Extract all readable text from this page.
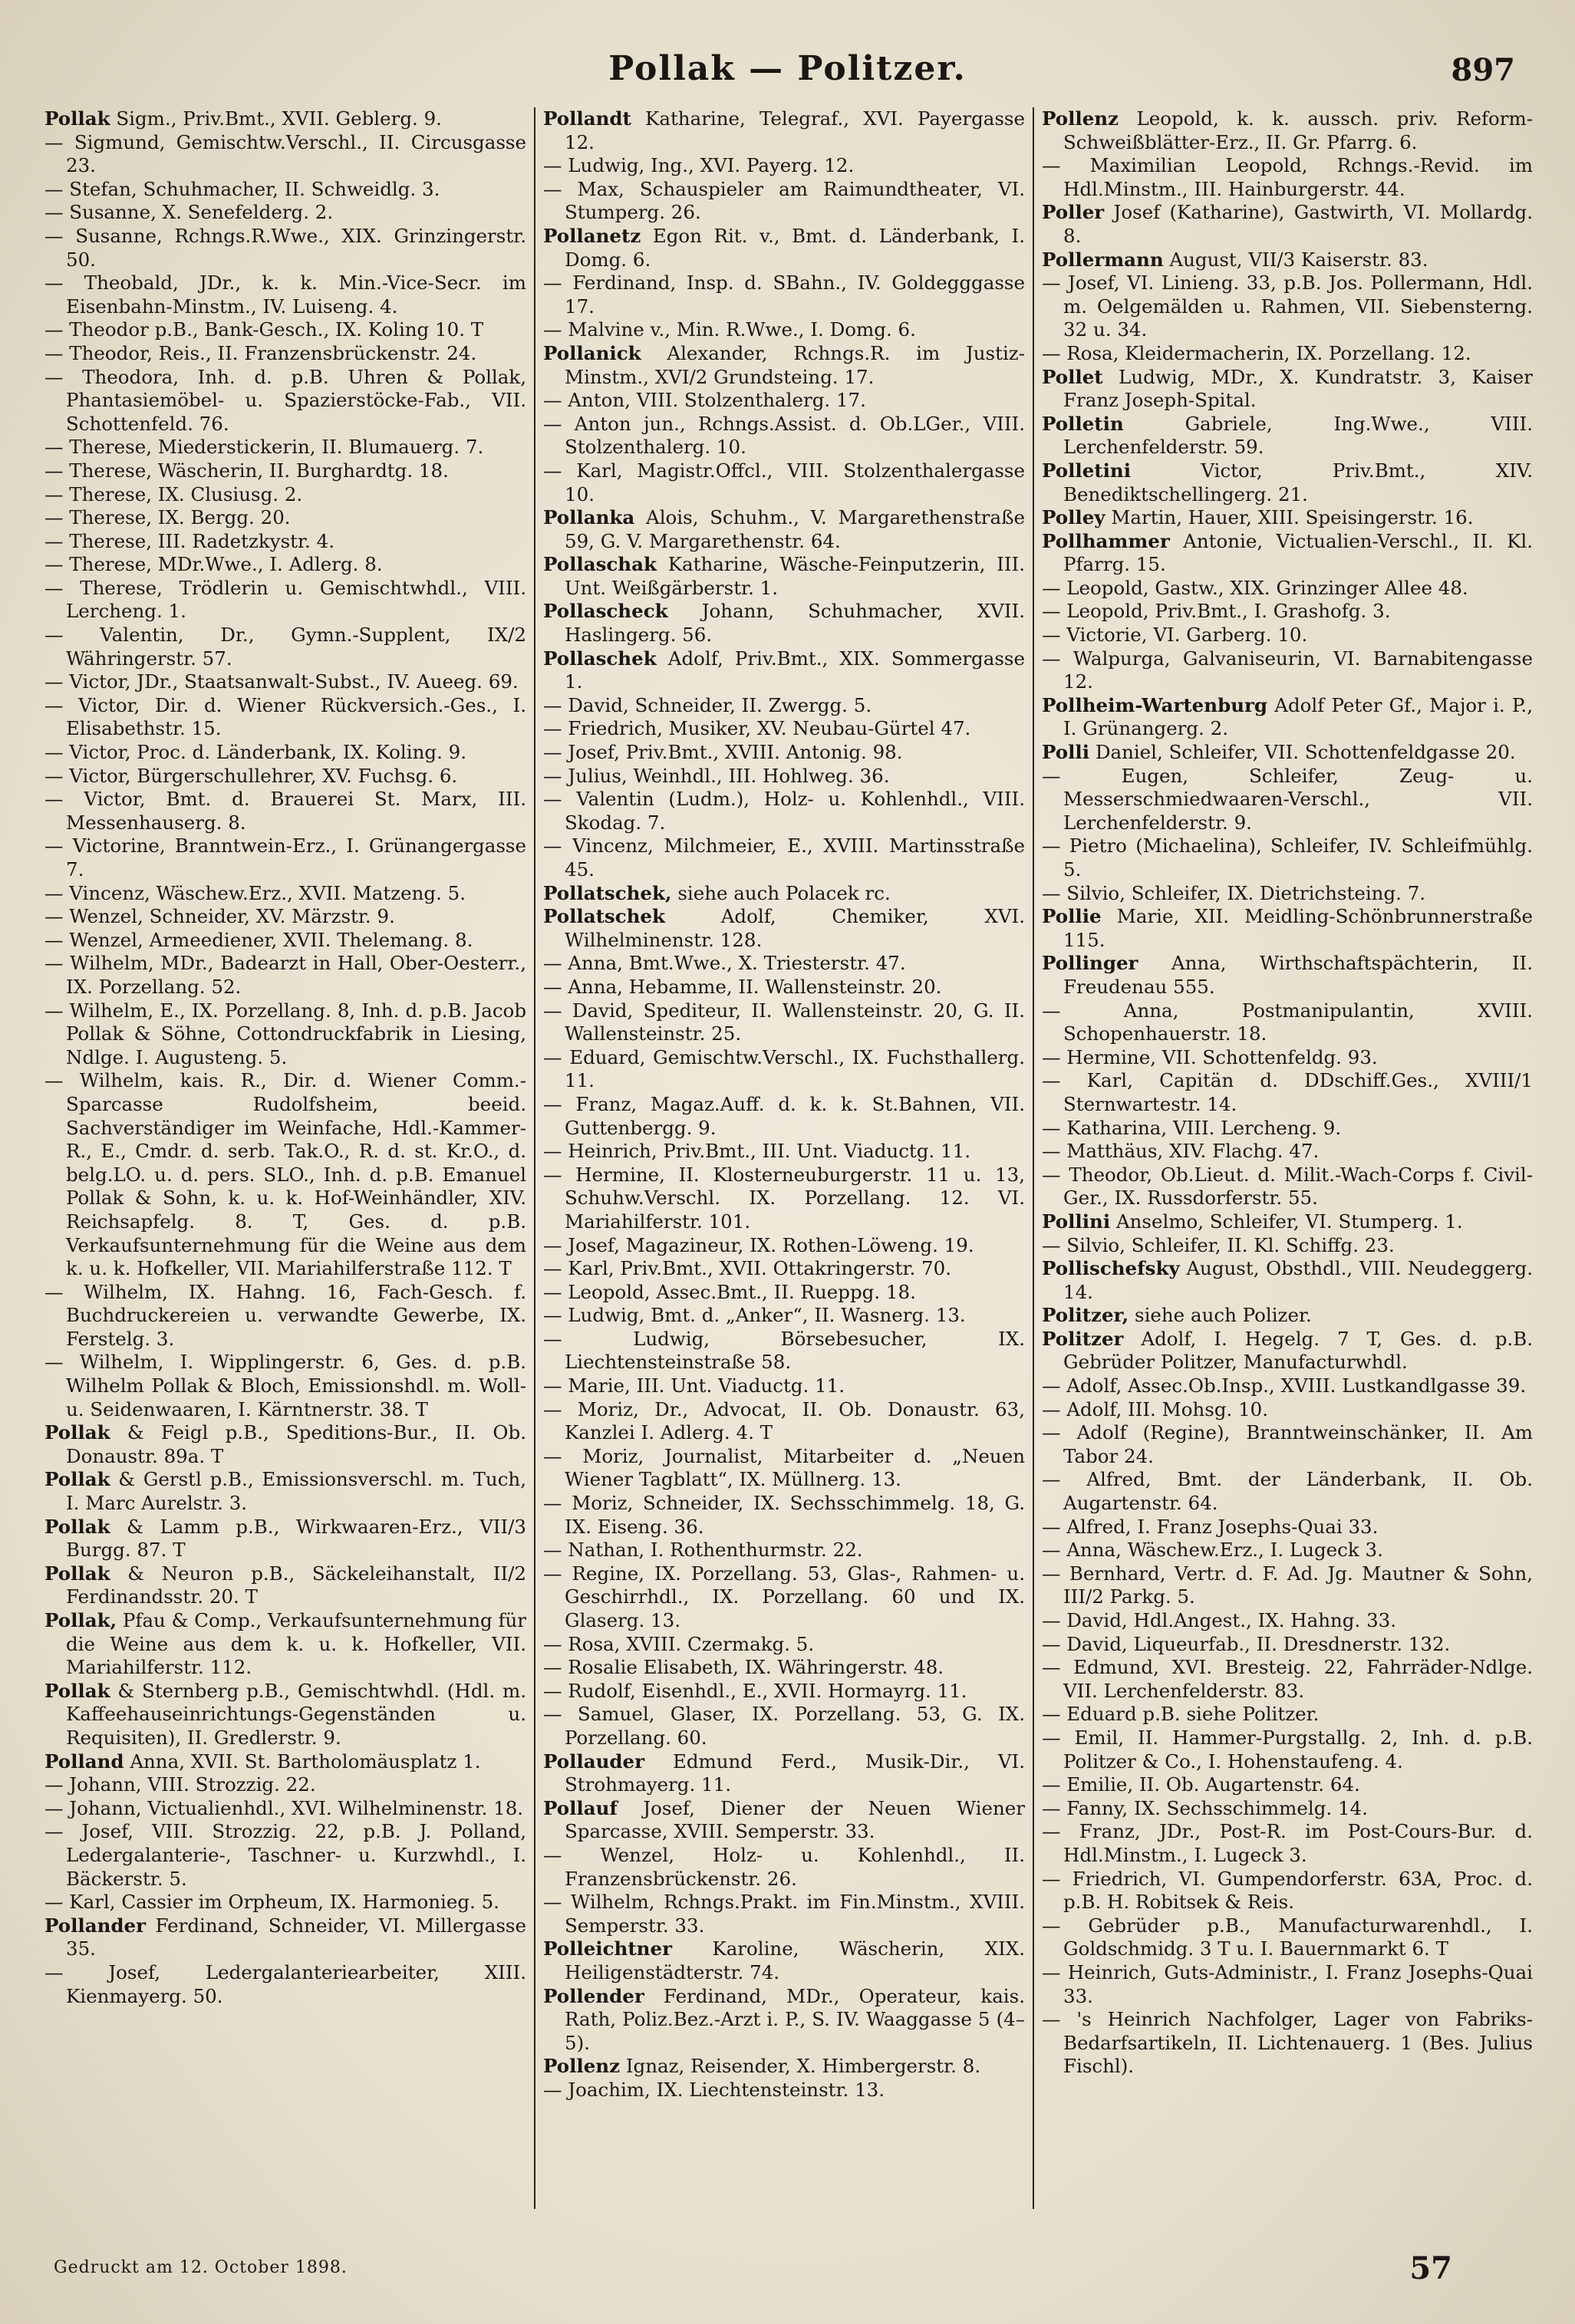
Pollak — Politzer.	897
Pollak Sigm., Priv.Bmt., XVII. Geblerg. 9.
— Sigmund, Gemischtw.Verschl., II. Circusgasse 23.
— Stefan, Schuhmacher, II. Schweidlg. 3.
— Susanne, X. Senefelderg. 2.
— Susanne, Rchngs.R.Wwe., XIX. Grinzingerstr. 50.
— Theobald, JDr., k. k. Min.-Vice-Secr. im Eisenbahn-Minstm., IV. Luiseng. 4.
— Theodor p.B., Bank-Gesch., IX. Koling 10. T
— Theodor, Reis., II. Franzensbrückenstr. 24.
— Theodora, Inh. d. p.B. Uhren & Pollak, Phantasiemöbel- u. Spazierstöcke-Fab., VII. Schottenfeld. 76.
— Therese, Miederstickerin, II. Blumauerg. 7.
— Therese, Wäscherin, II. Burghardtg. 18.
— Therese, IX. Clusiusg. 2.
— Therese, IX. Bergg. 20.
— Therese, III. Radetzkystr. 4.
— Therese, MDr.Wwe., I. Adlerg. 8.
— Therese, Trödlerin u. Gemischtwhdl., VIII. Lercheng. 1.
— Valentin, Dr., Gymn.-Supplent, IX/2 Währingerstr. 57.
— Victor, JDr., Staatsanwalt-Subst., IV. Aueeg. 69.
— Victor, Dir. d. Wiener Rückversich.-Ges., I. Elisabethstr. 15.
— Victor, Proc. d. Länderbank, IX. Koling. 9.
— Victor, Bürgerschullehrer, XV. Fuchsg. 6.
— Victor, Bmt. d. Brauerei St. Marx, III. Messenhauserg. 8.
— Victorine, Branntwein-Erz., I. Grünangergasse 7.
— Vincenz, Wäschew.Erz., XVII. Matzeng. 5.
— Wenzel, Schneider, XV. Märzstr. 9.
— Wenzel, Armeediener, XVII. Thelemang. 8.
— Wilhelm, MDr., Badearzt in Hall, Ober-Oesterr., IX. Porzellang. 52.
— Wilhelm, E., IX. Porzellang. 8, Inh. d. p.B. Jacob Pollak & Söhne, Cottondruckfabrik in Liesing, Ndlge. I. Augusteng. 5.
— Wilhelm, kais. R., Dir. d. Wiener Comm.-Sparcasse Rudolfsheim, beeid. Sachverständiger im Weinfache, Hdl.-Kammer-R., E., Cmdr. d. serb. Tak.O., R. d. st. Kr.O., d. belg.LO. u. d. pers. SLO., Inh. d. p.B. Emanuel Pollak & Sohn, k. u. k. Hof-Weinhändler, XIV. Reichsapfelg. 8. T, Ges. d. p.B. Verkaufsunternehmung für die Weine aus dem k. u. k. Hofkeller, VII. Mariahilferstraße 112. T
— Wilhelm, IX. Hahng. 16, Fach-Gesch. f. Buchdruckereien u. verwandte Gewerbe, IX. Ferstelg. 3.
— Wilhelm, I. Wipplingerstr. 6, Ges. d. p.B. Wilhelm Pollak & Bloch, Emissionshdl. m. Woll- u. Seidenwaaren, I. Kärntnerstr. 38. T
Pollak & Feigl p.B., Speditions-Bur., II. Ob. Donaustr. 89a. T
Pollak & Gerstl p.B., Emissionsverschl. m. Tuch, I. Marc Aurelstr. 3.
Pollak & Lamm p.B., Wirkwaaren-Erz., VII/3 Burgg. 87. T
Pollak & Neuron p.B., Säckeleihanstalt, II/2 Ferdinandsstr. 20. T
Pollak, Pfau & Comp., Verkaufsunternehmung für die Weine aus dem k. u. k. Hofkeller, VII. Mariahilferstr. 112.
Pollak & Sternberg p.B., Gemischtwhdl. (Hdl. m. Kaffeehauseinrichtungs-Gegenständen u. Requisiten), II. Gredlerstr. 9.
Polland Anna, XVII. St. Bartholomäusplatz 1.
— Johann, VIII. Strozzig. 22.
— Johann, Victualienhdl., XVI. Wilhelminenstr. 18.
— Josef, VIII. Strozzig. 22, p.B. J. Polland, Ledergalanterie-, Taschner- u. Kurzwhdl., I. Bäckerstr. 5.
— Karl, Cassier im Orpheum, IX. Harmonieg. 5.
Pollander Ferdinand, Schneider, VI. Millergasse 35.
— Josef, Ledergalanteriearbeiter, XIII. Kienmayerg. 50.
Pollandt Katharine, Telegraf., XVI. Payergasse 12.
— Ludwig, Ing., XVI. Payerg. 12.
— Max, Schauspieler am Raimundtheater, VI. Stumperg. 26.
Pollanetz Egon Rit. v., Bmt. d. Länderbank, I. Domg. 6.
— Ferdinand, Insp. d. SBahn., IV. Goldegggasse 17.
— Malvine v., Min. R.Wwe., I. Domg. 6.
Pollanick Alexander, Rchngs.R. im Justiz-Minstm., XVI/2 Grundsteing. 17.
— Anton, VIII. Stolzenthalerg. 17.
— Anton jun., Rchngs.Assist. d. Ob.LGer., VIII. Stolzenthalerg. 10.
— Karl, Magistr.Offcl., VIII. Stolzenthalergasse 10.
Pollanka Alois, Schuhm., V. Margarethenstraße 59, G. V. Margarethenstr. 64.
Pollaschak Katharine, Wäsche-Feinputzerin, III. Unt. Weißgärberstr. 1.
Pollascheck Johann, Schuhmacher, XVII. Haslingerg. 56.
Pollaschek Adolf, Priv.Bmt., XIX. Sommergasse 1.
— David, Schneider, II. Zwergg. 5.
— Friedrich, Musiker, XV. Neubau-Gürtel 47.
— Josef, Priv.Bmt., XVIII. Antonig. 98.
— Julius, Weinhdl., III. Hohlweg. 36.
— Valentin (Ludm.), Holz- u. Kohlenhdl., VIII. Skodag. 7.
— Vincenz, Milchmeier, E., XVIII. Martinsstraße 45.
Pollatschek, siehe auch Polacek rc.
Pollatschek Adolf, Chemiker, XVI. Wilhelminenstr. 128.
— Anna, Bmt.Wwe., X. Triesterstr. 47.
— Anna, Hebamme, II. Wallensteinstr. 20.
— David, Spediteur, II. Wallensteinstr. 20, G. II. Wallensteinstr. 25.
— Eduard, Gemischtw.Verschl., IX. Fuchsthallerg. 11.
— Franz, Magaz.Auff. d. k. k. St.Bahnen, VII. Guttenbergg. 9.
— Heinrich, Priv.Bmt., III. Unt. Viaductg. 11.
— Hermine, II. Klosterneuburgerstr. 11 u. 13, Schuhw.Verschl. IX. Porzellang. 12. VI. Mariahilferstr. 101.
— Josef, Magazineur, IX. Rothen-Löweng. 19.
— Karl, Priv.Bmt., XVII. Ottakringerstr. 70.
— Leopold, Assec.Bmt., II. Rueppg. 18.
— Ludwig, Bmt. d. „Anker“, II. Wasnerg. 13.
— Ludwig, Börsebesucher, IX. Liechtensteinstraße 58.
— Marie, III. Unt. Viaductg. 11.
— Moriz, Dr., Advocat, II. Ob. Donaustr. 63, Kanzlei I. Adlerg. 4. T
— Moriz, Journalist, Mitarbeiter d. „Neuen Wiener Tagblatt“, IX. Müllnerg. 13.
— Moriz, Schneider, IX. Sechsschimmelg. 18, G. IX. Eiseng. 36.
— Nathan, I. Rothenthurmstr. 22.
— Regine, IX. Porzellang. 53, Glas-, Rahmen- u. Geschirrhdl., IX. Porzellang. 60 und IX. Glaserg. 13.
— Rosa, XVIII. Czermakg. 5.
— Rosalie Elisabeth, IX. Währingerstr. 48.
— Rudolf, Eisenhdl., E., XVII. Hormayrg. 11.
— Samuel, Glaser, IX. Porzellang. 53, G. IX. Porzellang. 60.
Pollauder Edmund Ferd., Musik-Dir., VI. Strohmayerg. 11.
Pollauf Josef, Diener der Neuen Wiener Sparcasse, XVIII. Semperstr. 33.
— Wenzel, Holz- u. Kohlenhdl., II. Franzensbrückenstr. 26.
— Wilhelm, Rchngs.Prakt. im Fin.Minstm., XVIII. Semperstr. 33.
Polleichtner Karoline, Wäscherin, XIX. Heiligenstädterstr. 74.
Pollender Ferdinand, MDr., Operateur, kais. Rath, Poliz.Bez.-Arzt i. P., S. IV. Waaggasse 5 (4–5).
Pollenz Ignaz, Reisender, X. Himbergerstr. 8.
— Joachim, IX. Liechtensteinstr. 13.
Pollenz Leopold, k. k. aussch. priv. Reform-Schweißblätter-Erz., II. Gr. Pfarrg. 6.
— Maximilian Leopold, Rchngs.-Revid. im Hdl.Minstm., III. Hainburgerstr. 44.
Poller Josef (Katharine), Gastwirth, VI. Mollardg. 8.
Pollermann August, VII/3 Kaiserstr. 83.
— Josef, VI. Linieng. 33, p.B. Jos. Pollermann, Hdl. m. Oelgemälden u. Rahmen, VII. Siebensterng. 32 u. 34.
— Rosa, Kleidermacherin, IX. Porzellang. 12.
Pollet Ludwig, MDr., X. Kundratstr. 3, Kaiser Franz Joseph-Spital.
Polletin Gabriele, Ing.Wwe., VIII. Lerchenfelderstr. 59.
Polletini Victor, Priv.Bmt., XIV. Benediktschellingerg. 21.
Polley Martin, Hauer, XIII. Speisingerstr. 16.
Pollhammer Antonie, Victualien-Verschl., II. Kl. Pfarrg. 15.
— Leopold, Gastw., XIX. Grinzinger Allee 48.
— Leopold, Priv.Bmt., I. Grashofg. 3.
— Victorie, VI. Garberg. 10.
— Walpurga, Galvaniseurin, VI. Barnabitengasse 12.
Pollheim-Wartenburg Adolf Peter Gf., Major i. P., I. Grünangerg. 2.
Polli Daniel, Schleifer, VII. Schottenfeldgasse 20.
— Eugen, Schleifer, Zeug- u. Messerschmiedwaaren-Verschl., VII. Lerchenfelderstr. 9.
— Pietro (Michaelina), Schleifer, IV. Schleifmühlg. 5.
— Silvio, Schleifer, IX. Dietrichsteing. 7.
Pollie Marie, XII. Meidling-Schönbrunnerstraße 115.
Pollinger Anna, Wirthschaftspächterin, II. Freudenau 555.
— Anna, Postmanipulantin, XVIII. Schopenhauerstr. 18.
— Hermine, VII. Schottenfeldg. 93.
— Karl, Capitän d. DDschiff.Ges., XVIII/1 Sternwartestr. 14.
— Katharina, VIII. Lercheng. 9.
— Matthäus, XIV. Flachg. 47.
— Theodor, Ob.Lieut. d. Milit.-Wach-Corps f. Civil-Ger., IX. Russdorferstr. 55.
Pollini Anselmo, Schleifer, VI. Stumperg. 1.
— Silvio, Schleifer, II. Kl. Schiffg. 23.
Pollischefsky August, Obsthdl., VIII. Neudeggerg. 14.
Politzer, siehe auch Polizer.
Politzer Adolf, I. Hegelg. 7 T, Ges. d. p.B. Gebrüder Politzer, Manufacturwhdl.
— Adolf, Assec.Ob.Insp., XVIII. Lustkandlgasse 39.
— Adolf, III. Mohsg. 10.
— Adolf (Regine), Branntweinschänker, II. Am Tabor 24.
— Alfred, Bmt. der Länderbank, II. Ob. Augartenstr. 64.
— Alfred, I. Franz Josephs-Quai 33.
— Anna, Wäschew.Erz., I. Lugeck 3.
— Bernhard, Vertr. d. F. Ad. Jg. Mautner & Sohn, III/2 Parkg. 5.
— David, Hdl.Angest., IX. Hahng. 33.
— David, Liqueurfab., II. Dresdnerstr. 132.
— Edmund, XVI. Bresteig. 22, Fahrräder-Ndlge. VII. Lerchenfelderstr. 83.
— Eduard p.B. siehe Politzer.
— Emil, II. Hammer-Purgstallg. 2, Inh. d. p.B. Politzer & Co., I. Hohenstaufeng. 4.
— Emilie, II. Ob. Augartenstr. 64.
— Fanny, IX. Sechsschimmelg. 14.
— Franz, JDr., Post-R. im Post-Cours-Bur. d. Hdl.Minstm., I. Lugeck 3.
— Friedrich, VI. Gumpendorferstr. 63A, Proc. d. p.B. H. Robitsek & Reis.
— Gebrüder p.B., Manufacturwarenhdl., I. Goldschmidg. 3 T u. I. Bauernmarkt 6. T
— Heinrich, Guts-Administr., I. Franz Josephs-Quai 33.
— 's Heinrich Nachfolger, Lager von Fabriks-Bedarfsartikeln, II. Lichtenauerg. 1 (Bes. Julius Fischl).
Gedruckt am 12. October 1898.	57
